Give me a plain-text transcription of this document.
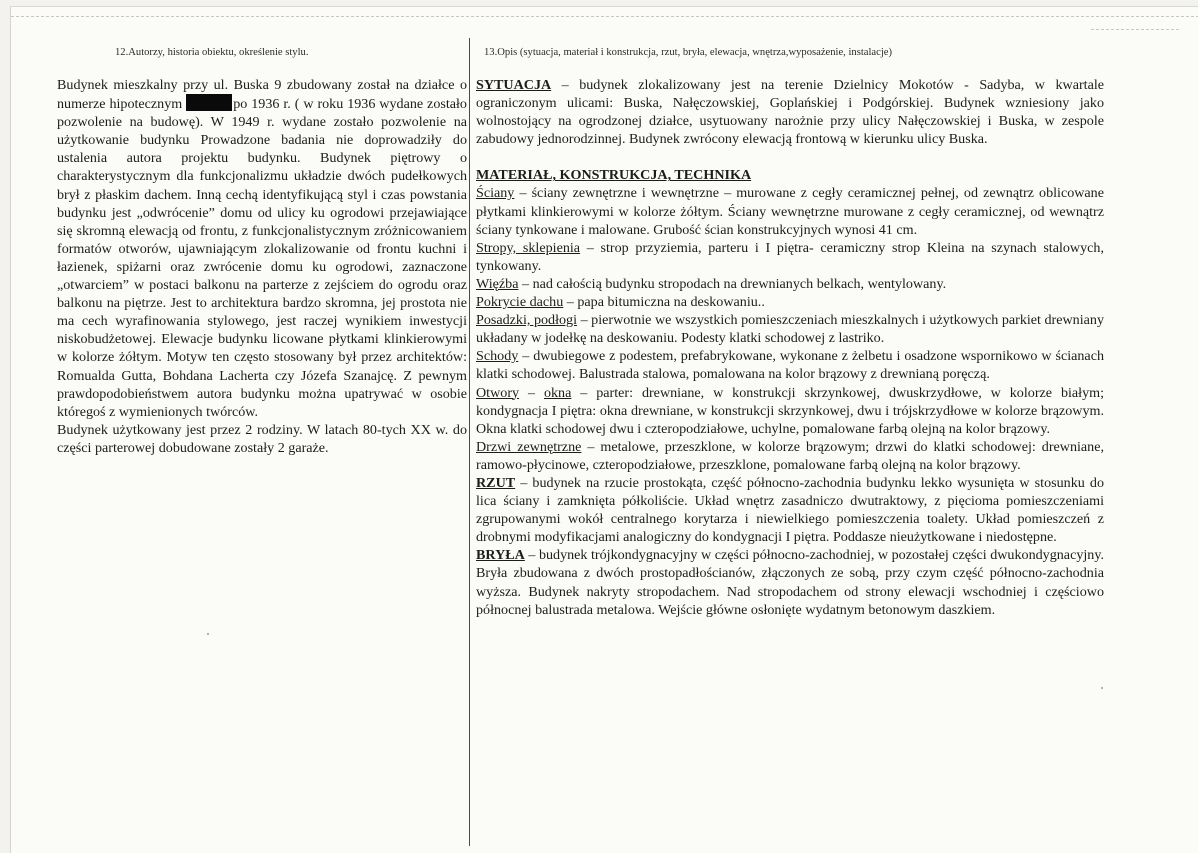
12.Autorzy, historia obiektu, określenie stylu.	13.Opis (sytuacja, materiał i konstrukcja, rzut, bryła, elewacja, wnętrza,wyposażenie, instalacje)

Budynek mieszkalny przy ul. Buska 9 zbudowany został na działce o numerze hipotecznym	po 1936 r. ( w roku 1936 wydane zostało pozwolenie na budowę). W 1949 r. wydane zostało pozwolenie na użytkowanie budynku Prowadzone badania nie doprowadziły do ustalenia autora projektu budynku. Budynek piętrowy o charakterystycznym dla funkcjonalizmu układzie dwóch pudełkowych brył z płaskim dachem. Inną cechą identyfikującą styl i czas powstania budynku jest „odwrócenie” domu od ulicy ku ogrodowi przejawiające się skromną elewacją od frontu, z funkcjonalistycznym zróżnicowaniem formatów otworów, ujawniającym zlokalizowanie od frontu kuchni i łazienek, spiżarni oraz zwrócenie domu ku ogrodowi, zaznaczone „otwarciem” w postaci balkonu na parterze z zejściem do ogrodu oraz balkonu na piętrze. Jest to architektura bardzo skromna, jej prostota nie ma cech wyrafinowania stylowego, jest raczej wynikiem inwestycji niskobudżetowej. Elewacje budynku licowane płytkami klinkierowymi w kolorze żółtym. Motyw ten często stosowany był przez architektów: Romualda Gutta, Bohdana Lacherta czy Józefa Szanajcę. Z pewnym prawdopodobieństwem autora budynku można upatrywać w osobie któregoś z wymienionych twórców.

Budynek użytkowany jest przez 2 rodziny. W latach 80-tych XX w. do części parterowej dobudowane zostały 2 garaże.

SYTUACJA – budynek zlokalizowany jest na terenie Dzielnicy Mokotów - Sadyba, w kwartale ograniczonym ulicami: Buska, Nałęczowskiej, Goplańskiej i Podgórskiej. Budynek wzniesiony jako wolnostojący na ogrodzonej działce, usytuowany narożnie przy ulicy Nałęczowskiej i Buska, w zespole zabudowy jednorodzinnej. Budynek zwrócony elewacją frontową w kierunku ulicy Buska.

MATERIAŁ, KONSTRUKCJA, TECHNIKA

Ściany – ściany zewnętrzne i wewnętrzne – murowane z cegły ceramicznej pełnej, od zewnątrz oblicowane płytkami klinkierowymi w kolorze żółtym. Ściany wewnętrzne murowane z cegły ceramicznej, od wewnątrz ściany tynkowane i malowane. Grubość ścian konstrukcyjnych wynosi 41 cm.

Stropy, sklepienia – strop przyziemia, parteru i I piętra- ceramiczny strop Kleina na szynach stalowych, tynkowany.

Więźba – nad całością budynku stropodach na drewnianych belkach, wentylowany.

Pokrycie dachu – papa bitumiczna na deskowaniu..

Posadzki, podłogi – pierwotnie we wszystkich pomieszczeniach mieszkalnych i użytkowych parkiet drewniany układany w jodełkę na deskowaniu. Podesty klatki schodowej z lastriko.

Schody – dwubiegowe z podestem, prefabrykowane, wykonane z żelbetu i osadzone wspornikowo w ścianach klatki schodowej. Balustrada stalowa, pomalowana na kolor brązowy z drewnianą poręczą.

Otwory – okna – parter: drewniane, w konstrukcji skrzynkowej, dwuskrzydłowe, w kolorze białym; kondygnacja I piętra: okna drewniane, w konstrukcji skrzynkowej, dwu i trójskrzydłowe w kolorze brązowym. Okna klatki schodowej dwu i czteropodziałowe, uchylne, pomalowane farbą olejną na kolor brązowy.

Drzwi zewnętrzne – metalowe, przeszklone, w kolorze brązowym; drzwi do klatki schodowej: drewniane, ramowo-płycinowe, czteropodziałowe, przeszklone, pomalowane farbą olejną na kolor brązowy.

RZUT – budynek na rzucie prostokąta, część północno-zachodnia budynku lekko wysunięta w stosunku do lica ściany i zamknięta półkoliście. Układ wnętrz zasadniczo dwutraktowy, z pięcioma pomieszczeniami zgrupowanymi wokół centralnego korytarza i niewielkiego pomieszczenia toalety. Układ pomieszczeń z drobnymi modyfikacjami analogiczny do kondygnacji I piętra. Poddasze nieużytkowane i niedostępne.

BRYŁA – budynek trójkondygnacyjny w części północno-zachodniej, w pozostałej części dwukondygnacyjny. Bryła zbudowana z dwóch prostopadłościanów, złączonych ze sobą, przy czym część północno-zachodnia wyższa. Budynek nakryty stropodachem. Nad stropodachem od strony elewacji wschodniej i częściowo północnej balustrada metalowa. Wejście główne osłonięte wydatnym betonowym daszkiem.
